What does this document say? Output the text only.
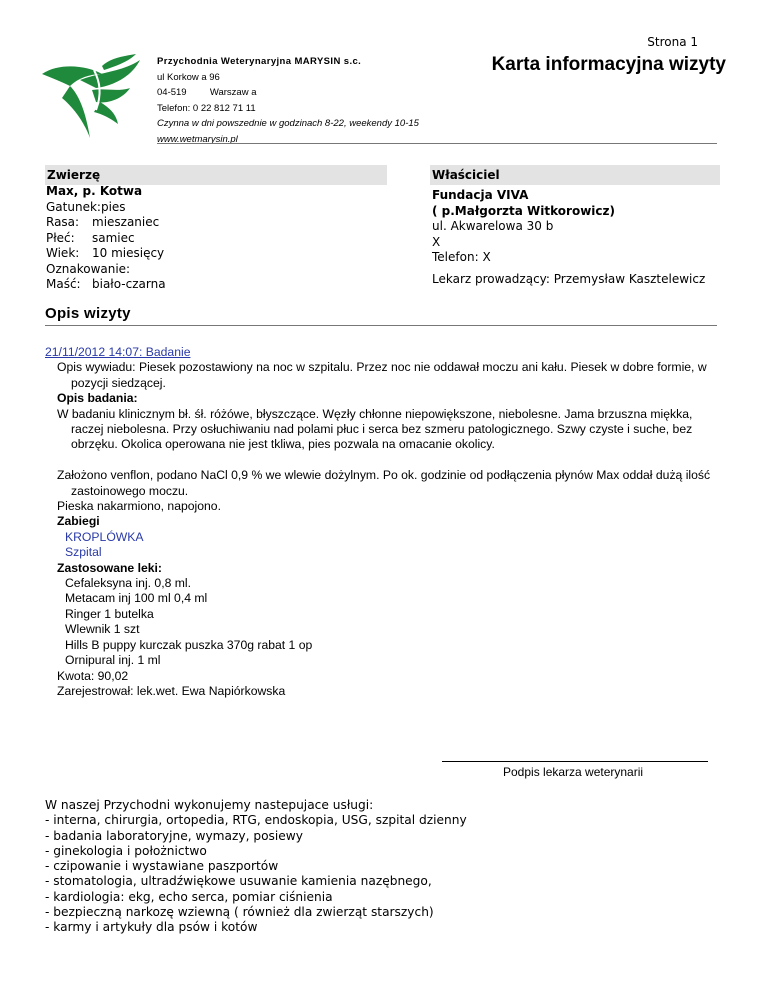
Strona 1
Przychodnia Weterynaryjna MARYSIN s.c.
ul Korkow a 96
04-519 Warszaw a
Telefon: 0 22 812 71 11
Czynna w dni powszednie w godzinach 8-22, weekendy 10-15
www.wetmarysin.pl
Karta informacyjna wizyty
Zwierzę	Właściciel
Max, p. Kotwa
Gatunek:pies
Rasa: mieszaniec
Płeć: samiec
Wiek: 10 miesięcy
Oznakowanie:
Maść: biało-czarna
Fundacja VIVA
( p.Małgorzta Witkorowicz)
ul. Akwarelowa 30 b
X
Telefon: X
Lekarz prowadzący: Przemysław Kasztelewicz
Opis wizyty

21/11/2012 14:07: Badanie

Opis wywiadu: Piesek pozostawiony na noc w szpitalu. Przez noc nie oddawał moczu ani kału. Piesek w dobre formie, w pozycji siedzącej.

Opis badania:

W badaniu klinicznym bł. śł. różówe, błyszczące. Węzły chłonne niepowiększone, niebolesne. Jama brzuszna miękka, raczej niebolesna. Przy osłuchiwaniu nad polami płuc i serca bez szmeru patologicznego. Szwy czyste i suche, bez obrzęku. Okolica operowana nie jest tkliwa, pies pozwala na omacanie okolicy.

Założono venflon, podano NaCl 0,9 % we wlewie dożylnym. Po ok. godzinie od podłączenia płynów Max oddał dużą ilość zastoinowego moczu.

Pieska nakarmiono, napojono.

Zabiegi

KROPLÓWKA

Szpital

Zastosowane leki:

Cefaleksyna inj. 0,8 ml.

Metacam inj 100 ml 0,4 ml

Ringer 1 butelka

Wlewnik 1 szt

Hills B puppy kurczak puszka 370g rabat 1 op

Ornipural inj. 1 ml

Kwota: 90,02

Zarejestrował: lek.wet. Ewa Napiórkowska

Podpis lekarza weterynarii
W naszej Przychodni wykonujemy nastepujace usługi:
- interna, chirurgia, ortopedia, RTG, endoskopia, USG, szpital dzienny
- badania laboratoryjne, wymazy, posiewy
- ginekologia i położnictwo
- czipowanie i wystawiane paszportów
- stomatologia, ultradźwiękowe usuwanie kamienia nazębnego,
- kardiologia: ekg, echo serca, pomiar ciśnienia
- bezpieczną narkozę wziewną ( również dla zwierząt starszych)
- karmy i artykuły dla psów i kotów
